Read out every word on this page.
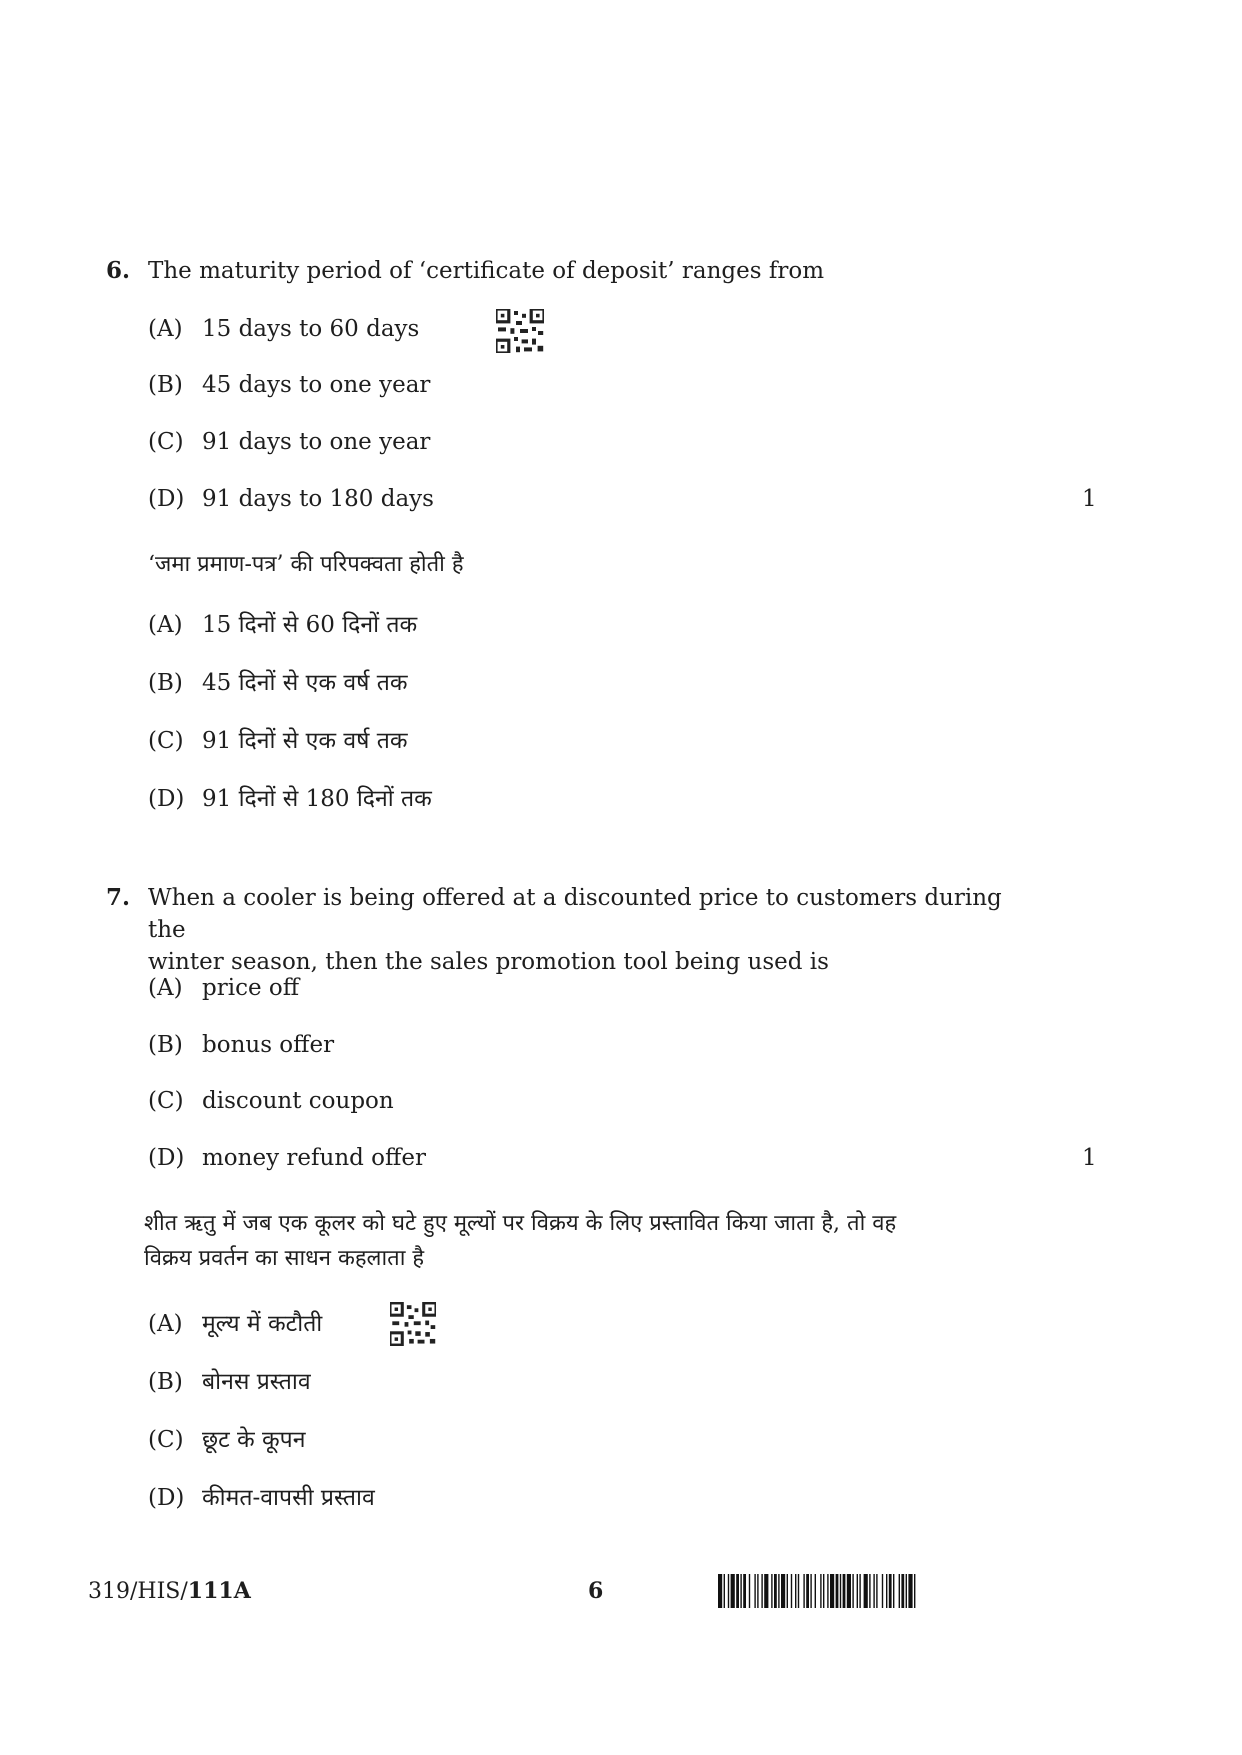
6. The maturity period of ‘certificate of deposit’ ranges from
(A) 15 days to 60 days
(B) 45 days to one year
(C) 91 days to one year
(D) 91 days to 180 days	1
‘जमा प्रमाण-पत्र’ की परिपक्वता होती है
(A) 15 दिनों से 60 दिनों तक
(B) 45 दिनों से एक वर्ष तक
(C) 91 दिनों से एक वर्ष तक
(D) 91 दिनों से 180 दिनों तक
7. When a cooler is being offered at a discounted price to customers during the
winter season, then the sales promotion tool being used is
(A) price off
(B) bonus offer
(C) discount coupon
(D) money refund offer	1
शीत ऋतु में जब एक कूलर को घटे हुए मूल्यों पर विक्रय के लिए प्रस्तावित किया जाता है, तो वह
विक्रय प्रवर्तन का साधन कहलाता है
(A) मूल्य में कटौती
(B) बोनस प्रस्ताव
(C) छूट के कूपन
(D) कीमत-वापसी प्रस्ताव
319/HIS/111A	6
